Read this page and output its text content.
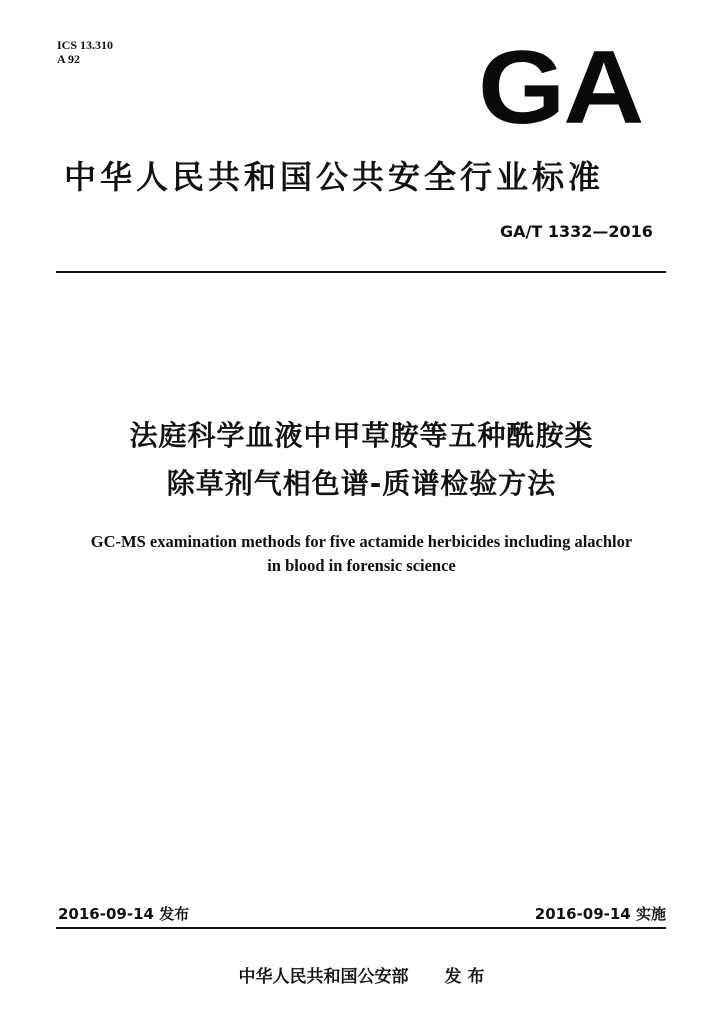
ICS 13.310
A 92	GA
中华人民共和国公共安全行业标准
GA/T 1332—2016
法庭科学血液中甲草胺等五种酰胺类
除草剂气相色谱-质谱检验方法
GC-MS examination methods for five actamide herbicides including alachlor
in blood in forensic science
2016-09-14 发布	2016-09-14 实施
中华人民共和国公安部 发 布
